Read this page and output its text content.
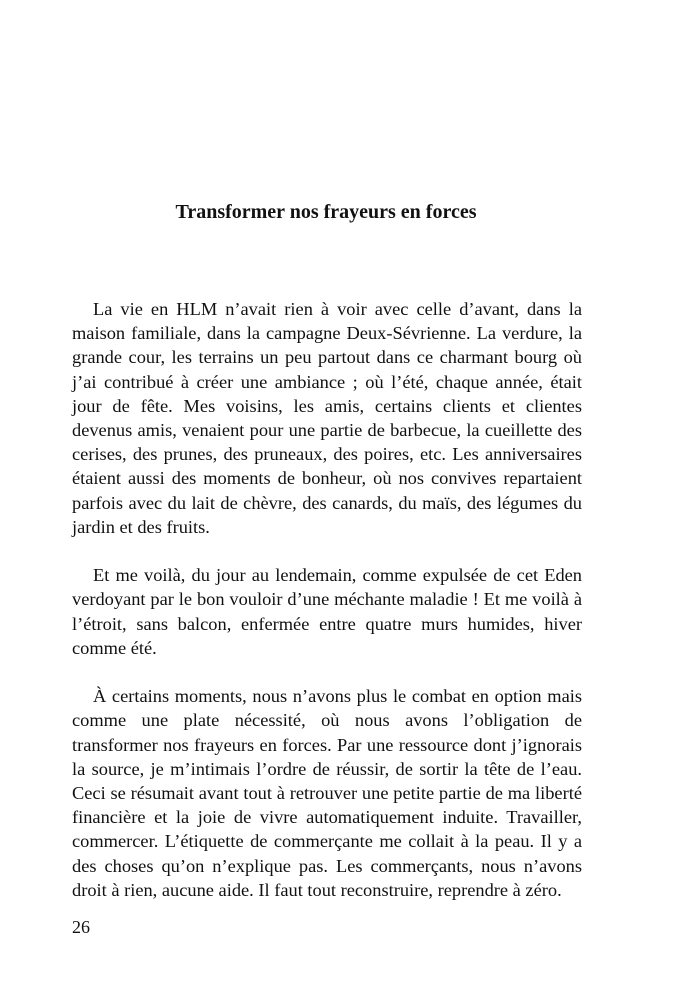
Transformer nos frayeurs en forces

La vie en HLM n’avait rien à voir avec celle d’avant, dans la maison familiale, dans la campagne Deux-Sévrienne. La verdure, la grande cour, les terrains un peu partout dans ce charmant bourg où j’ai contribué à créer une ambiance ; où l’été, chaque année, était jour de fête. Mes voisins, les amis, certains clients et clientes devenus amis, venaient pour une partie de barbecue, la cueillette des cerises, des prunes, des pruneaux, des poires, etc. Les anniversaires étaient aussi des moments de bonheur, où nos convives repartaient parfois avec du lait de chèvre, des canards, du maïs, des légumes du jardin et des fruits.

Et me voilà, du jour au lendemain, comme expulsée de cet Eden verdoyant par le bon vouloir d’une méchante maladie ! Et me voilà à l’étroit, sans balcon, enfermée entre quatre murs humides, hiver comme été.

À certains moments, nous n’avons plus le combat en option mais comme une plate nécessité, où nous avons l’obligation de transformer nos frayeurs en forces. Par une ressource dont j’ignorais la source, je m’intimais l’ordre de réussir, de sortir la tête de l’eau. Ceci se résumait avant tout à retrouver une petite partie de ma liberté financière et la joie de vivre automatiquement induite. Travailler, commercer. L’étiquette de commerçante me collait à la peau. Il y a des choses qu’on n’explique pas. Les commerçants, nous n’avons droit à rien, aucune aide. Il faut tout reconstruire, reprendre à zéro.

26
